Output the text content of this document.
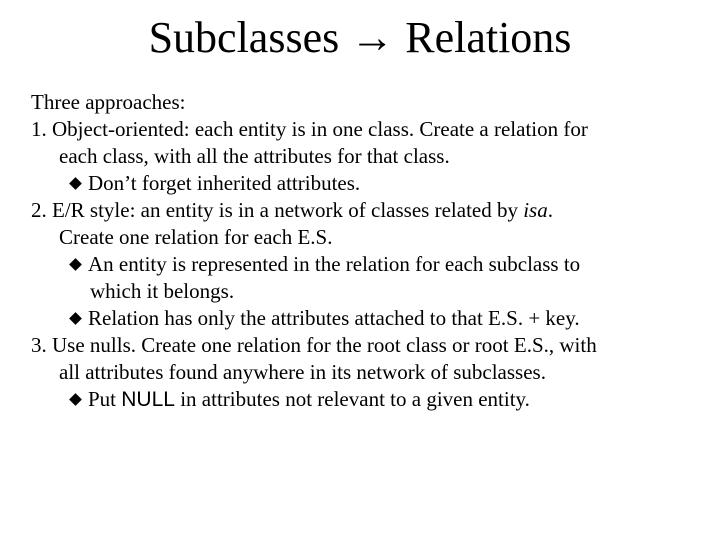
Subclasses → Relations
Three approaches:
1. Object-oriented: each entity is in one class. Create a relation for
each class, with all the attributes for that class.
Don’t forget inherited attributes.
2. E/R style: an entity is in a network of classes related by isa.
Create one relation for each E.S.
An entity is represented in the relation for each subclass to
which it belongs.
Relation has only the attributes attached to that E.S. + key.
3. Use nulls. Create one relation for the root class or root E.S., with
all attributes found anywhere in its network of subclasses.
Put NULL in attributes not relevant to a given entity.
